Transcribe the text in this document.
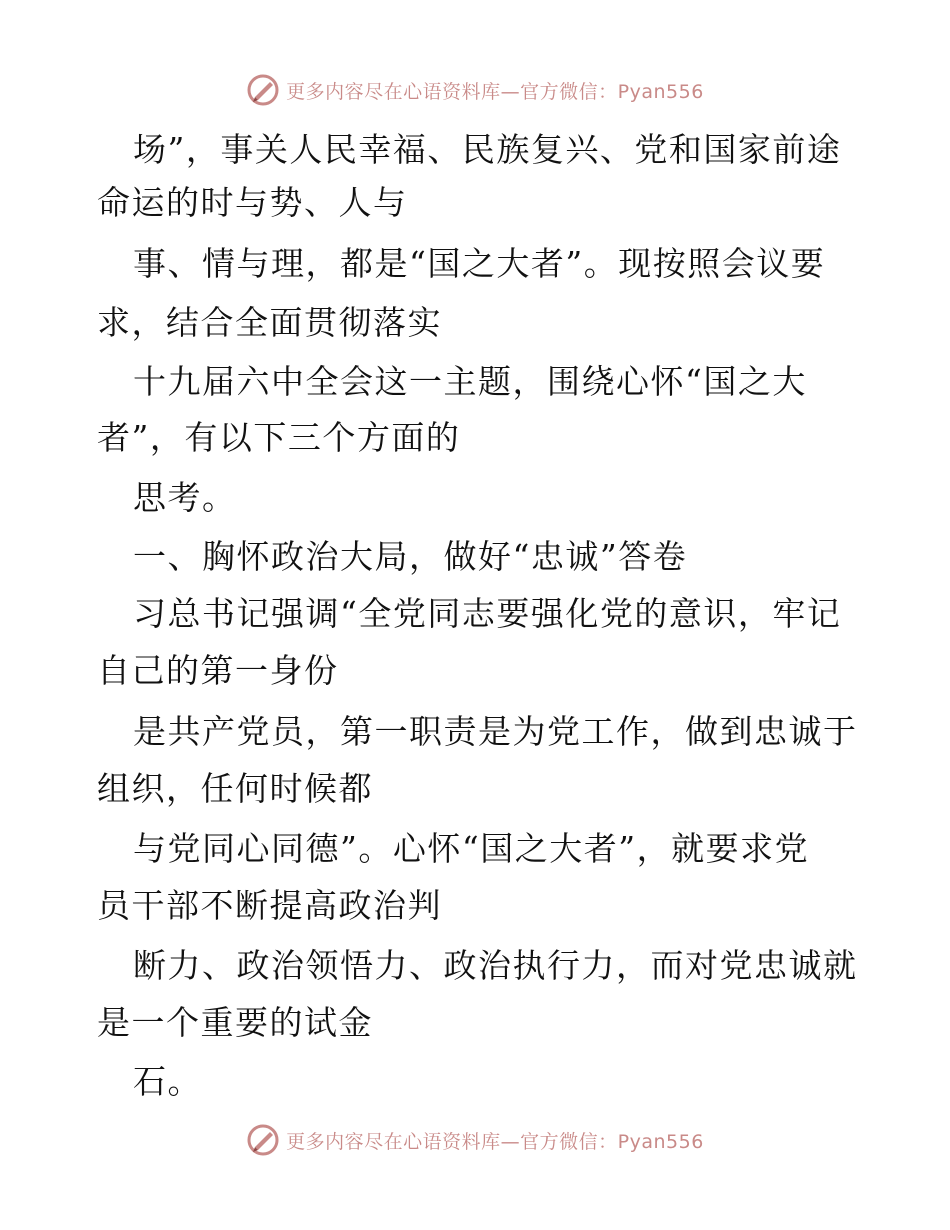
更多内容尽在心语资料库—官方微信：Pyan556
场”，事关人民幸福、民族复兴、党和国家前途
命运的时与势、人与
事、情与理，都是“国之大者”。现按照会议要
求，结合全面贯彻落实
十九届六中全会这一主题，围绕心怀“国之大
者”，有以下三个方面的
思考。
一、胸怀政治大局，做好“忠诚”答卷
习总书记强调“全党同志要强化党的意识，牢记
自己的第一身份
是共产党员，第一职责是为党工作，做到忠诚于
组织，任何时候都
与党同心同德”。心怀“国之大者”，就要求党
员干部不断提高政治判
断力、政治领悟力、政治执行力，而对党忠诚就
是一个重要的试金
石。
更多内容尽在心语资料库—官方微信：Pyan556
